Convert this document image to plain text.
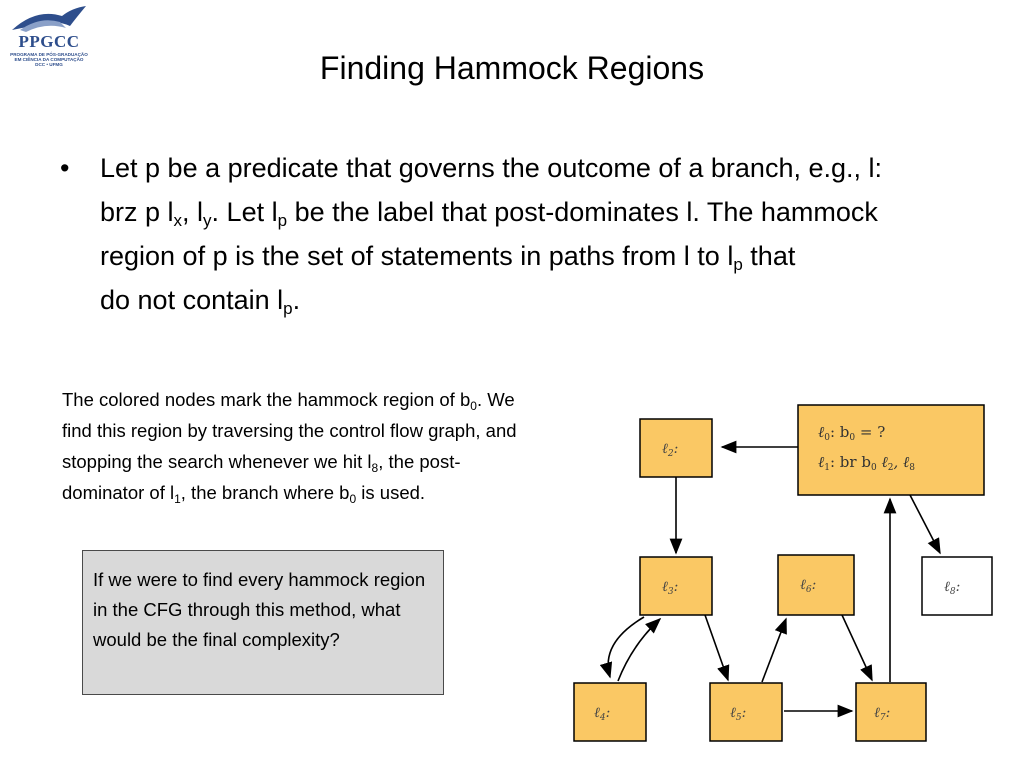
PPGCC
PROGRAMA DE PÓS-GRADUAÇÃO
EM CIÊNCIA DA COMPUTAÇÃO
DCC • UFMG	Finding Hammock Regions
• Let p be a predicate that governs the outcome of a branch, e.g., l: brz p $l_x$, $l_y$. Let $l_p$ be the label that post-dominates l. The hammock region of p is the set of statements in paths from l to $l_p$ that
do not contain $l_p$.
The colored nodes mark the hammock region of $b_0$. We find this region by traversing the control flow graph, and stopping the search whenever we hit $l_8$, the post-dominator of $l_1$, the branch where $b_0$ is used.
If we were to find every hammock region in the CFG through this method, what would be the final complexity?
ℓ$_0$: $b_0$ = ?
ℓ$_1$: br $b_0$ ℓ$_2$, ℓ$_8$
ℓ$_2$:
ℓ$_3$:	ℓ$_6$:	ℓ$_8$:
ℓ$_4$:	ℓ$_5$:	ℓ$_7$:
